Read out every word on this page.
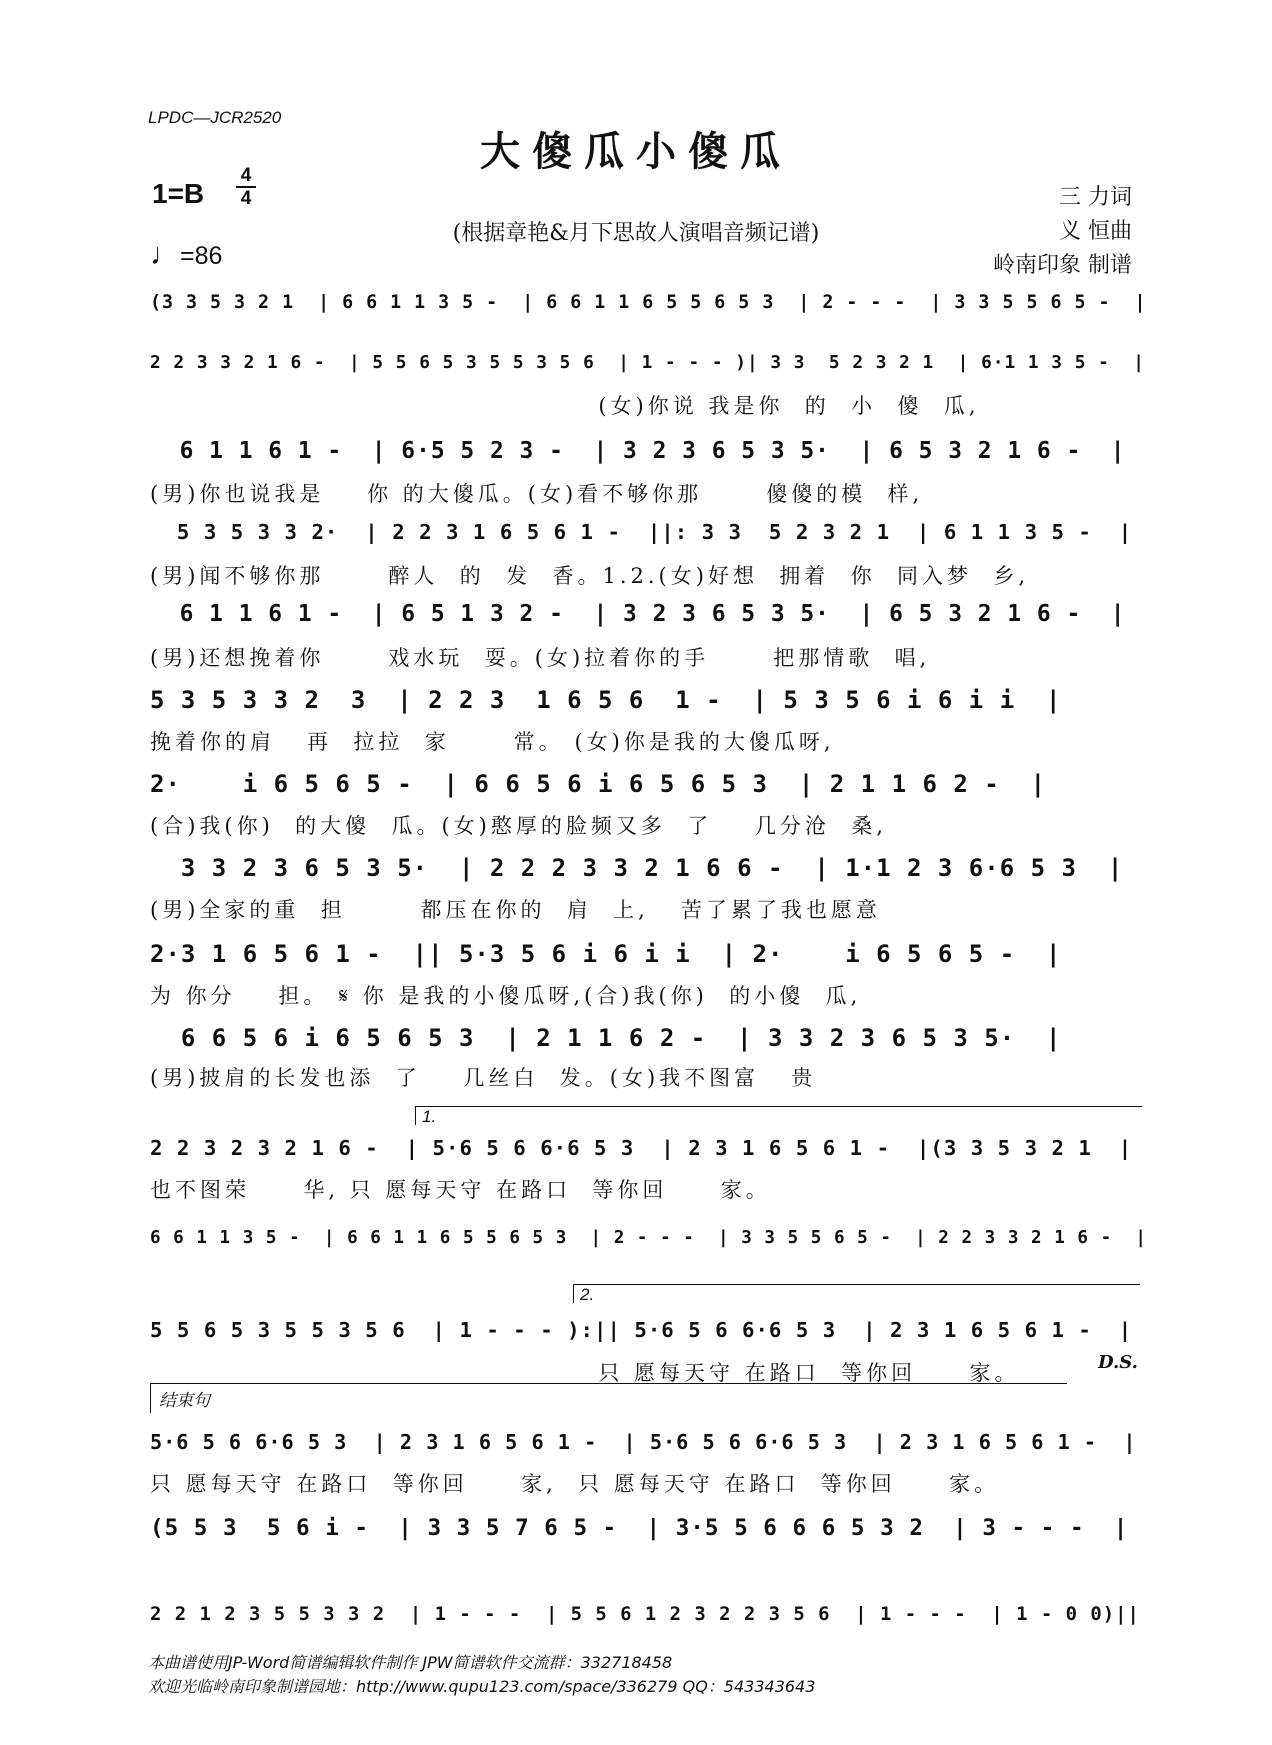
LPDC—JCR2520
大傻瓜小傻瓜
1=B
4
4
♩=86
(根据章艳&月下思故人演唱音频记谱)
三 力词
义 恒曲
岭南印象 制谱
(3 3 5 3 2 1  | 6 6 1 1 3 5 -  | 6 6 1 1 6 5 5 6 5 3  | 2 - - -  | 3 3 5 5 6 5 -  |
2 2 3 3 2 1 6 -  | 5 5 6 5 3 5 5 3 5 6  | 1 - - - )| 3 3  5 2 3 2 1  | 6·1 1 3 5 -  |
(女)你说 我是你  的  小  傻  瓜,
6 1 1 6 1 -  | 6·5 5 2 3 -  | 3 2 3 6 5 3 5·  | 6 5 3 2 1 6 -  |
(男)你也说我是    你 的大傻瓜。(女)看不够你那      傻傻的模  样,
5 3 5 3 3 2·  | 2 2 3 1 6 5 6 1 -  ||: 3 3  5 2 3 2 1  | 6 1 1 3 5 -  |
(男)闻不够你那      醉人  的  发  香。1.2.(女)好想  拥着  你  同入梦  乡,
6 1 1 6 1 -  | 6 5 1 3 2 -  | 3 2 3 6 5 3 5·  | 6 5 3 2 1 6 -  |
(男)还想挽着你      戏水玩  耍。(女)拉着你的手      把那情歌  唱,
5 3 5 3 3 2  3  | 2 2 3  1 6 5 6  1 -  | 5 3 5 6 i 6 i i  |
挽着你的肩   再  拉拉  家      常。 (女)你是我的大傻瓜呀,
2·    i 6 5 6 5 -  | 6 6 5 6 i 6 5 6 5 3  | 2 1 1 6 2 -  |
(合)我(你)  的大傻  瓜。(女)憨厚的脸频又多  了    几分沧  桑,
3 3 2 3 6 5 3 5·  | 2 2 2 3 3 2 1 6 6 -  | 1·1 2 3 6·6 5 3  |
(男)全家的重  担       都压在你的  肩  上,   苦了累了我也愿意
2·3 1 6 5 6 1 -  || 5·3 5 6 i 6 i i  | 2·    i 6 5 6 5 -  |
为 你分    担。 𝄋 你 是我的小傻瓜呀,(合)我(你)  的小傻  瓜,
6 6 5 6 i 6 5 6 5 3  | 2 1 1 6 2 -  | 3 3 2 3 6 5 3 5·  |
(男)披肩的长发也添  了    几丝白  发。(女)我不图富   贵
2 2 3 2 3 2 1 6 -  | 5·6 5 6 6·6 5 3  | 2 3 1 6 5 6 1 -  |(3 3 5 3 2 1  |
也不图荣     华, 只 愿每天守 在路口  等你回     家。
6 6 1 1 3 5 -  | 6 6 1 1 6 5 5 6 5 3  | 2 - - -  | 3 3 5 5 6 5 -  | 2 2 3 3 2 1 6 -  |
5 5 6 5 3 5 5 3 5 6  | 1 - - - ):|| 5·6 5 6 6·6 5 3  | 2 3 1 6 5 6 1 -  |
只 愿每天守 在路口  等你回     家。
5·6 5 6 6·6 5 3  | 2 3 1 6 5 6 1 -  | 5·6 5 6 6·6 5 3  | 2 3 1 6 5 6 1 -  |
只 愿每天守 在路口  等你回     家,  只 愿每天守 在路口  等你回     家。
(5 5 3  5 6 i -  | 3 3 5 7 6 5 -  | 3·5 5 6 6 6 5 3 2  | 3 - - -  |
2 2 1 2 3 5 5 3 3 2  | 1 - - -  | 5 5 6 1 2 3 2 2 3 5 6  | 1 - - -  | 1 - 0 0)||
1.
2.
结束句
D.S.
本曲谱使用JP-Word简谱编辑软件制作 JPW简谱软件交流群：332718458
欢迎光临岭南印象制谱园地：http://www.qupu123.com/space/336279 QQ：543343643
